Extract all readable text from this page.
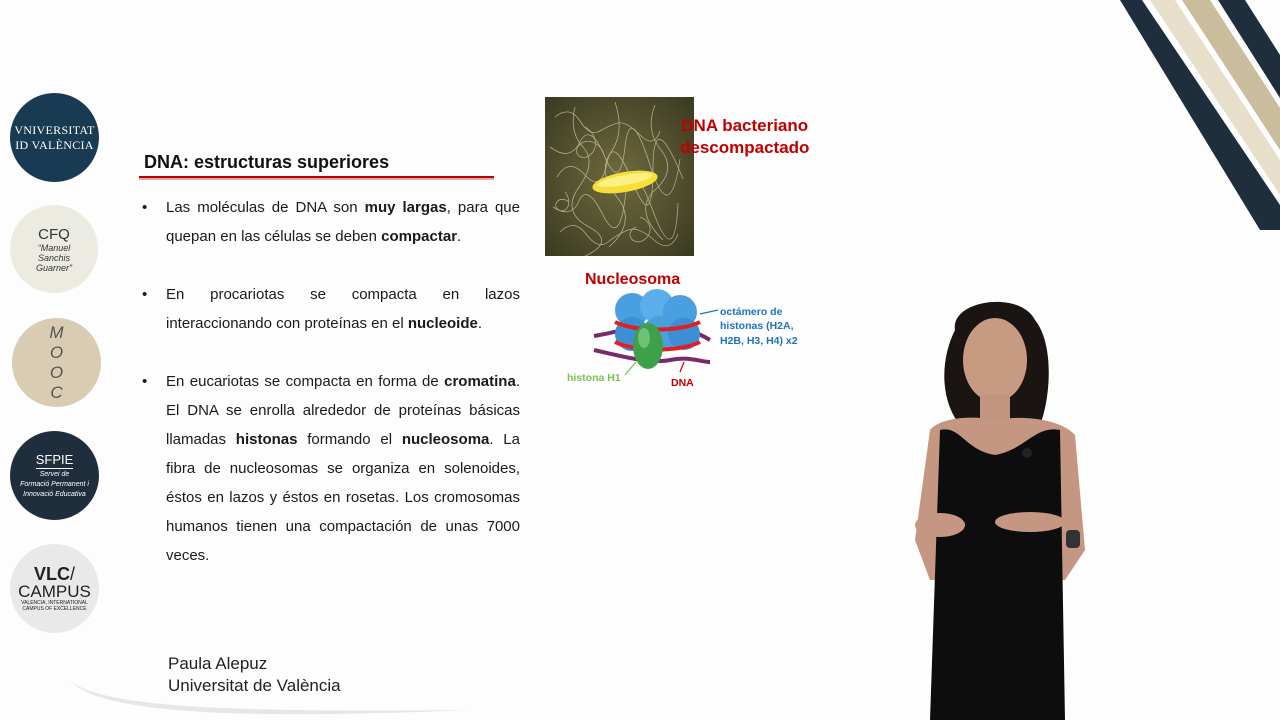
VNIVERSITAT
ID VALÈNCIA
CFQ
“Manuel
Sanchis
Guarner”
M
O
O
C
SFPIE
Servei de
Formació Permanent i
Innovació Educativa
VLC/
CAMPUS
VALENCIA, INTERNATIONAL
CAMPUS OF EXCELLENCE
DNA: estructuras superiores
• Las moléculas de DNA son muy largas, para que quepan en las células se deben compactar.
• En procariotas se compacta en lazos interaccionando con proteínas en el nucleoide.
• En eucariotas se compacta en forma de cromatina. El DNA se enrolla alrededor de proteínas básicas llamadas histonas formando el nucleosoma. La fibra de nucleosomas se organiza en solenoides, éstos en lazos y éstos en rosetas. Los cromosomas humanos tienen una compactación de unas 7000 veces.
DNA bacteriano
descompactado
Nucleosoma
octámero de
histonas (H2A,
H2B, H3, H4) x2
histona H1	DNA
Paula Alepuz
Universitat de València
